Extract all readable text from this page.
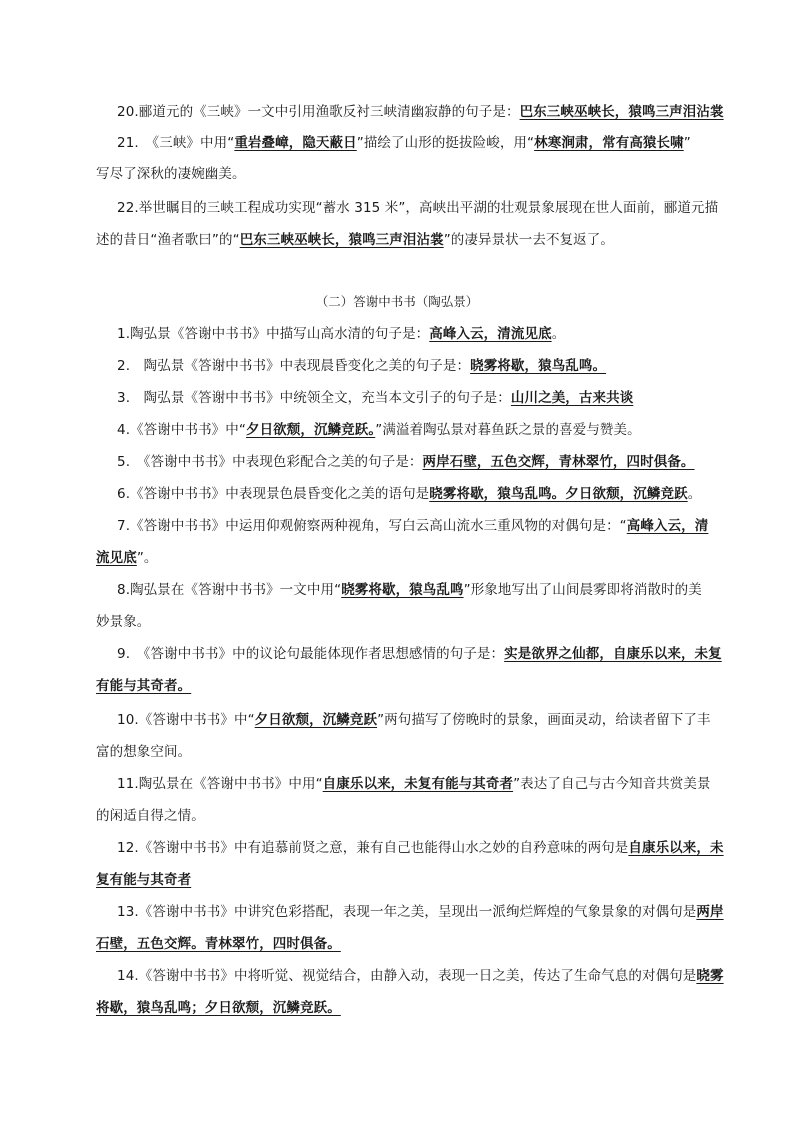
20.郦道元的《三峡》一文中引用渔歌反衬三峡清幽寂静的句子是：巴东三峡巫峡长，猿鸣三声泪沾裳
21.　《三峡》中用“重岩叠嶂，隐天蔽日”描绘了山形的挺拔险峻，用“林寒涧肃，常有高猿长啸”
写尽了深秋的凄婉幽美。
22.举世瞩目的三峡工程成功实现“蓄水 315 米”，高峡出平湖的壮观景象展现在世人面前，郦道元描
述的昔日“渔者歌曰”的“巴东三峡巫峡长，猿鸣三声泪沾裳”的凄异景状一去不复返了。
（二）答谢中书书（陶弘景）
1.陶弘景《答谢中书书》中描写山高水清的句子是：高峰入云，清流见底。
2.　陶弘景《答谢中书书》中表现晨昏变化之美的句子是：晓雾将歇，猿鸟乱鸣。
3.　陶弘景《答谢中书书》中统领全文，充当本文引子的句子是：山川之美，古来共谈
4.《答谢中书书》中“夕日欲颓，沉鳞竞跃。”满溢着陶弘景对暮鱼跃之景的喜爱与赞美。
5.　《答谢中书书》中表现色彩配合之美的句子是：两岸石壁，五色交辉，青林翠竹，四时俱备。
6.《答谢中书书》中表现景色晨昏变化之美的语句是晓雾将歇，猿鸟乱鸣。夕日欲颓，沉鳞竞跃。
7.《答谢中书书》中运用仰观俯察两种视角，写白云高山流水三重风物的对偶句是：“高峰入云，清
流见底”。
8.陶弘景在《答谢中书书》一文中用“晓雾将歇，猿鸟乱鸣”形象地写出了山间晨雾即将消散时的美
妙景象。
9.　《答谢中书书》中的议论句最能体现作者思想感情的句子是：实是欲界之仙都，自康乐以来，未复
有能与其奇者。
10.《答谢中书书》中“夕日欲颓，沉鳞竞跃”两句描写了傍晚时的景象，画面灵动，给读者留下了丰
富的想象空间。
11.陶弘景在《答谢中书书》中用“自康乐以来，未复有能与其奇者”表达了自己与古今知音共赏美景
的闲适自得之情。
12.《答谢中书书》中有追慕前贤之意，兼有自己也能得山水之妙的自矜意味的两句是自康乐以来，未
复有能与其奇者
13.《答谢中书书》中讲究色彩搭配，表现一年之美，呈现出一派绚烂辉煌的气象景象的对偶句是两岸
石壁，五色交辉。青林翠竹，四时俱备。
14.《答谢中书书》中将听觉、视觉结合，由静入动，表现一日之美，传达了生命气息的对偶句是晓雾
将歇，猿鸟乱鸣；夕日欲颓，沉鳞竞跃。
